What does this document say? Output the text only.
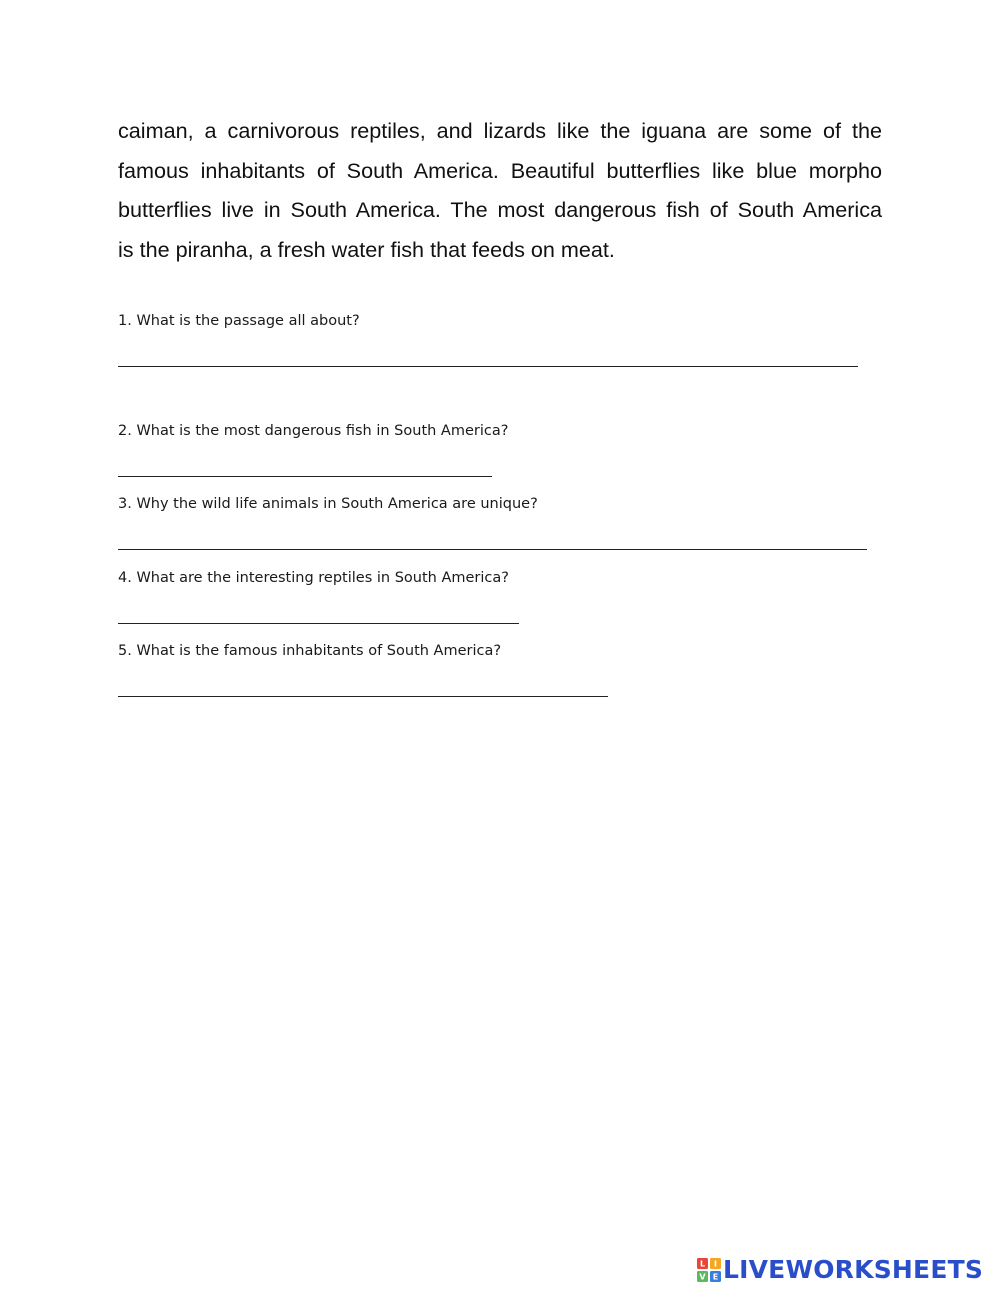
caiman, a carnivorous reptiles, and lizards like the iguana are some of the
famous inhabitants of South America. Beautiful butterflies like blue morpho
butterflies live in South America. The most dangerous fish of South America
is the piranha, a fresh water fish that feeds on meat.

1. What is the passage all about?

2. What is the most dangerous fish in South America?

3. Why the wild life animals in South America are unique?

4. What are the interesting reptiles in South America?

5. What is the famous inhabitants of South America?

L I
V E LIVEWORKSHEETS
